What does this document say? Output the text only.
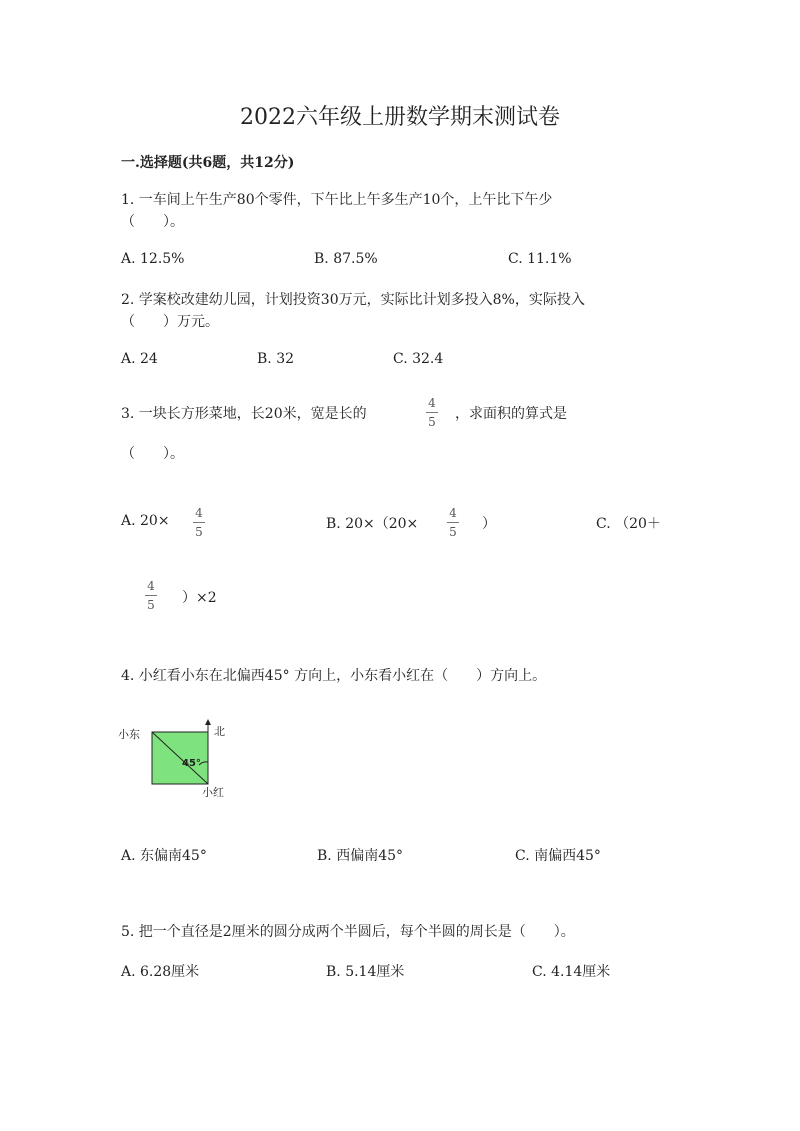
2022六年级上册数学期末测试卷
一.选择题(共6题，共12分)
1. 一车间上午生产80个零件，下午比上午多生产10个，上午比下午少
（　　）。
A. 12.5%	B. 87.5%	C. 11.1%
2. 学案校改建幼儿园，计划投资30万元，实际比计划多投入8%，实际投入
（　　）万元。
A. 24	B. 32	C. 32.4
3. 一块长方形菜地，长20米，宽是长的
4
5 ，求面积的算式是
（　　）。
A. 20× 4
5	B. 20×（20×
4
5 ）	C. （20＋
4
5 ）×2
4. 小红看小东在北偏西45° 方向上，小东看小红在（　　）方向上。
小东	北
45°
小红
A. 东偏南45°	B. 西偏南45°	C. 南偏西45°
5. 把一个直径是2厘米的圆分成两个半圆后，每个半圆的周长是（　　）。
A. 6.28厘米	B. 5.14厘米	C. 4.14厘米
